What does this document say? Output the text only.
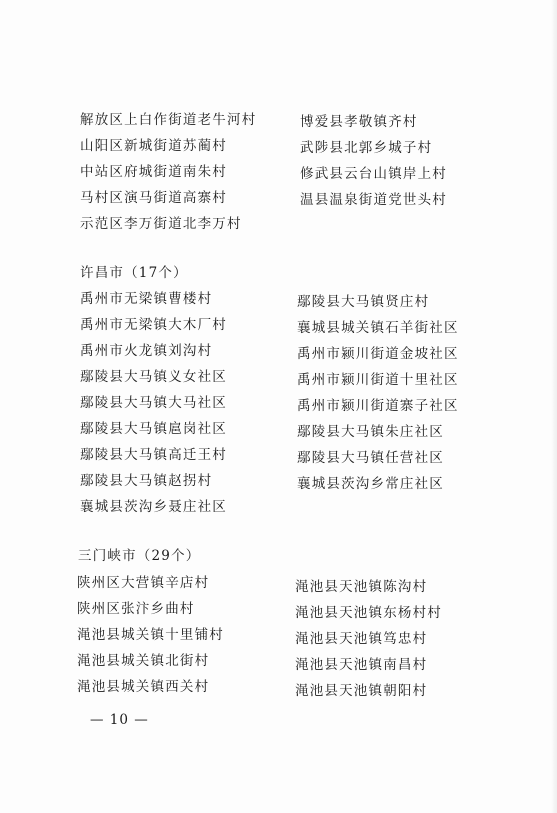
解放区上白作街道老牛河村
山阳区新城街道苏蔺村
中站区府城街道南朱村
马村区演马街道高寨村
示范区李万街道北李万村
博爱县孝敬镇齐村
武陟县北郭乡城子村
修武县云台山镇岸上村
温县温泉街道党世头村
许昌市（17个）
禹州市无梁镇曹楼村
禹州市无梁镇大木厂村
禹州市火龙镇刘沟村
鄢陵县大马镇义女社区
鄢陵县大马镇大马社区
鄢陵县大马镇扈岗社区
鄢陵县大马镇高迁王村
鄢陵县大马镇赵拐村
襄城县茨沟乡聂庄社区
鄢陵县大马镇贤庄村
襄城县城关镇石羊街社区
禹州市颍川街道金坡社区
禹州市颍川街道十里社区
禹州市颍川街道寨子社区
鄢陵县大马镇朱庄社区
鄢陵县大马镇任营社区
襄城县茨沟乡常庄社区
三门峡市（29个）
陕州区大营镇辛店村
陕州区张汴乡曲村
渑池县城关镇十里铺村
渑池县城关镇北街村
渑池县城关镇西关村
渑池县天池镇陈沟村
渑池县天池镇东杨村村
渑池县天池镇笃忠村
渑池县天池镇南昌村
渑池县天池镇朝阳村
— 10 —
